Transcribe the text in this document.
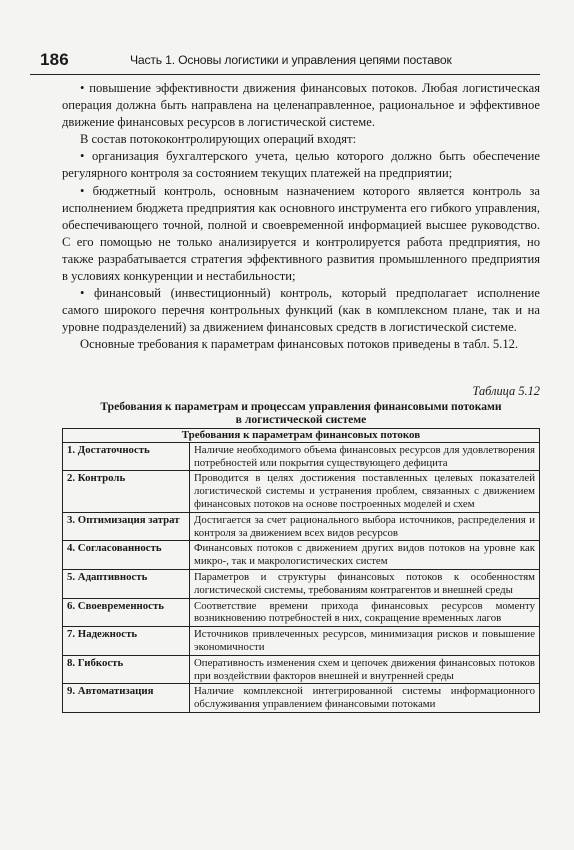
186	Часть 1. Основы логистики и управления цепями поставок

• повышение эффективности движения финансовых потоков. Любая логистическая операция должна быть направлена на целенаправленное, рациональное и эффективное движение финансовых ресурсов в логистической системе.

В состав потококонтролирующих операций входят:

• организация бухгалтерского учета, целью которого должно быть обеспечение регулярного контроля за состоянием текущих платежей на предприятии;

• бюджетный контроль, основным назначением которого является контроль за исполнением бюджета предприятия как основного инструмента его гибкого управления, обеспечивающего точной, полной и своевременной информацией высшее руководство. С его помощью не только анализируется и контролируется работа предприятия, но также разрабатывается стратегия эффективного развития промышленного предприятия в условиях конкуренции и нестабильности;

• финансовый (инвестиционный) контроль, который предполагает исполнение самого широкого перечня контрольных функций (как в комплексном плане, так и на уровне подразделений) за движением финансовых средств в логистической системе.

Основные требования к параметрам финансовых потоков приведены в табл. 5.12.

Таблица 5.12
Требования к параметрам и процессам управления финансовыми потоками
в логистической системе
Требования к параметрам финансовых потоков	
1. Достаточность	Наличие необходимого объема финансовых ресурсов для удовлетворения потребностей или покрытия существующего дефицита
2. Контроль	Проводится в целях достижения поставленных целевых показателей логистической системы и устранения проблем, связанных с движением финансовых потоков на основе построенных моделей и схем
3. Оптимизация затрат	Достигается за счет рационального выбора источников, распределения и контроля за движением всех видов ресурсов
4. Согласованность	Финансовых потоков с движением других видов потоков на уровне как микро-, так и макрологистических систем
5. Адаптивность	Параметров и структуры финансовых потоков к особенностям логистической системы, требованиям контрагентов и внешней среды
6. Своевременность	Соответствие времени прихода финансовых ресурсов моменту возникновению потребностей в них, сокращение временных лагов
7. Надежность	Источников привлеченных ресурсов, минимизация рисков и повышение экономичности
8. Гибкость	Оперативность изменения схем и цепочек движения финансовых потоков при воздействии факторов внешней и внутренней среды
9. Автоматизация	Наличие комплексной интегрированной системы информационного обслуживания управлением финансовыми потоками
